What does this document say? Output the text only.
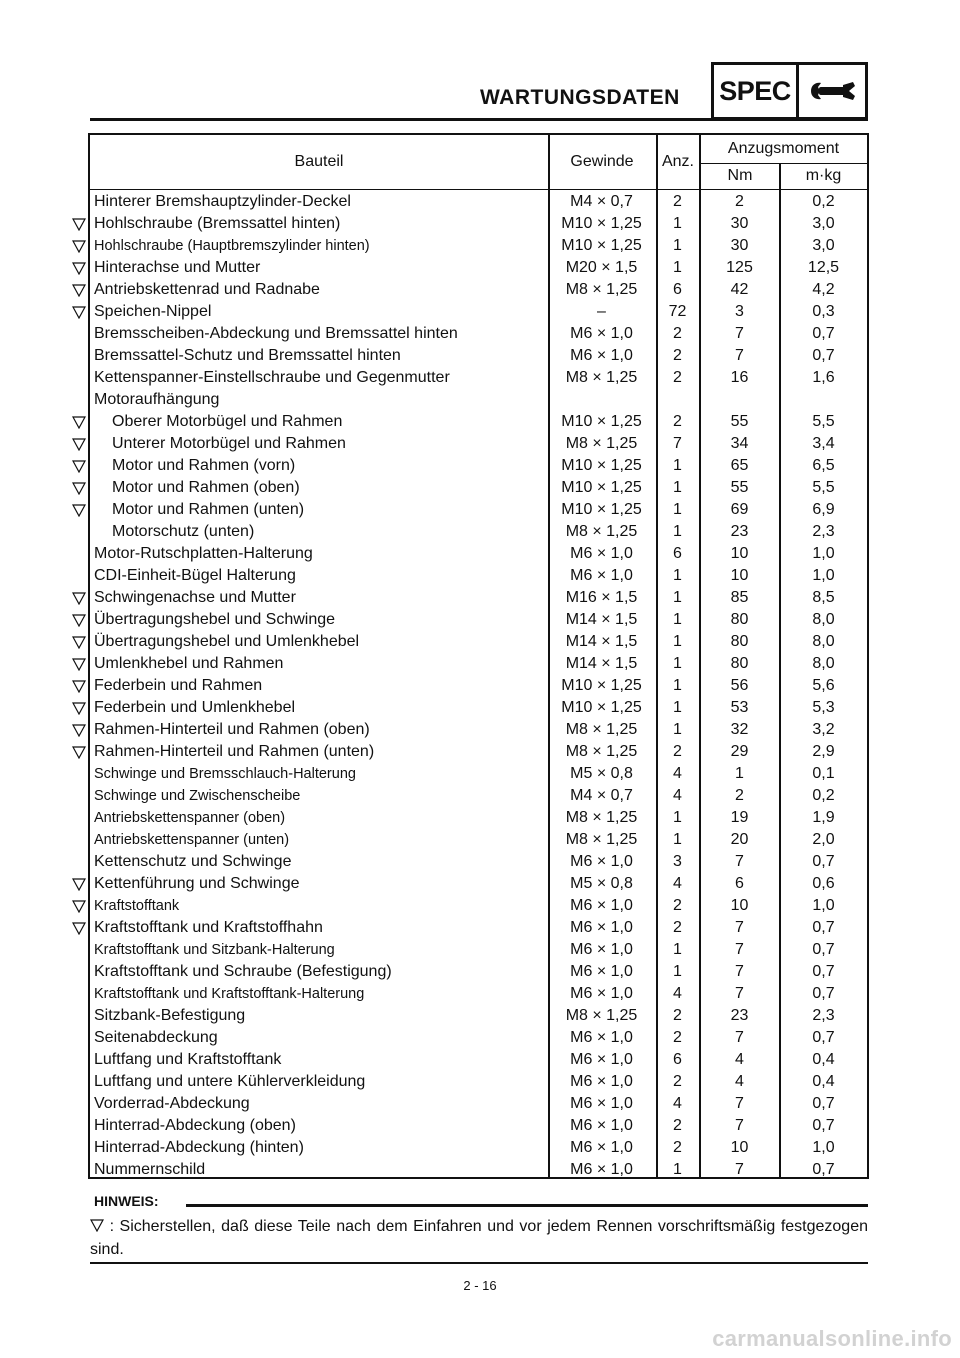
WARTUNGSDATEN SPEC
Bauteil	Gewinde	Anz.
Anzugsmoment
Nm	m·kg
Hinterer Bremshauptzylinder-Deckel	M4 × 0,7	2	2	0,2
Hohlschraube (Bremssattel hinten)	M10 × 1,25	1	30	3,0
Hohlschraube (Hauptbremszylinder hinten)	M10 × 1,25	1	30	3,0
Hinterachse und Mutter	M20 × 1,5	1	125	12,5
Antriebskettenrad und Radnabe	M8 × 1,25	6	42	4,2
Speichen-Nippel	–	72	3	0,3
Bremsscheiben-Abdeckung und Bremssattel hinten	M6 × 1,0	2	7	0,7
Bremssattel-Schutz und Bremssattel hinten	M6 × 1,0	2	7	0,7
Kettenspanner-Einstellschraube und Gegenmutter	M8 × 1,25	2	16	1,6
Motoraufhängung
Oberer Motorbügel und Rahmen	M10 × 1,25	2	55	5,5
Unterer Motorbügel und Rahmen	M8 × 1,25	7	34	3,4
Motor und Rahmen (vorn)	M10 × 1,25	1	65	6,5
Motor und Rahmen (oben)	M10 × 1,25	1	55	5,5
Motor und Rahmen (unten)	M10 × 1,25	1	69	6,9
Motorschutz (unten)	M8 × 1,25	1	23	2,3
Motor-Rutschplatten-Halterung	M6 × 1,0	6	10	1,0
CDI-Einheit-Bügel Halterung	M6 × 1,0	1	10	1,0
Schwingenachse und Mutter	M16 × 1,5	1	85	8,5
Übertragungshebel und Schwinge	M14 × 1,5	1	80	8,0
Übertragungshebel und Umlenkhebel	M14 × 1,5	1	80	8,0
Umlenkhebel und Rahmen	M14 × 1,5	1	80	8,0
Federbein und Rahmen	M10 × 1,25	1	56	5,6
Federbein und Umlenkhebel	M10 × 1,25	1	53	5,3
Rahmen-Hinterteil und Rahmen (oben)	M8 × 1,25	1	32	3,2
Rahmen-Hinterteil und Rahmen (unten)	M8 × 1,25	2	29	2,9
Schwinge und Bremsschlauch-Halterung	M5 × 0,8	4	1	0,1
Schwinge und Zwischenscheibe	M4 × 0,7	4	2	0,2
Antriebskettenspanner (oben)	M8 × 1,25	1	19	1,9
Antriebskettenspanner (unten)	M8 × 1,25	1	20	2,0
Kettenschutz und Schwinge	M6 × 1,0	3	7	0,7
Kettenführung und Schwinge	M5 × 0,8	4	6	0,6
Kraftstofftank	M6 × 1,0	2	10	1,0
Kraftstofftank und Kraftstoffhahn	M6 × 1,0	2	7	0,7
Kraftstofftank und Sitzbank-Halterung	M6 × 1,0	1	7	0,7
Kraftstofftank und Schraube (Befestigung)	M6 × 1,0	1	7	0,7
Kraftstofftank und Kraftstofftank-Halterung	M6 × 1,0	4	7	0,7
Sitzbank-Befestigung	M8 × 1,25	2	23	2,3
Seitenabdeckung	M6 × 1,0	2	7	0,7
Luftfang und Kraftstofftank	M6 × 1,0	6	4	0,4
Luftfang und untere Kühlerverkleidung	M6 × 1,0	2	4	0,4
Vorderrad-Abdeckung	M6 × 1,0	4	7	0,7
Hinterrad-Abdeckung (oben)	M6 × 1,0	2	7	0,7
Hinterrad-Abdeckung (hinten)	M6 × 1,0	2	10	1,0
Nummernschild	M6 × 1,0	1	7	0,7
HINWEIS:
: Sicherstellen, daß diese Teile nach dem Einfahren und vor jedem Rennen vorschriftsmäßig festgezogen sind.
2 - 16
carmanualsonline.info
